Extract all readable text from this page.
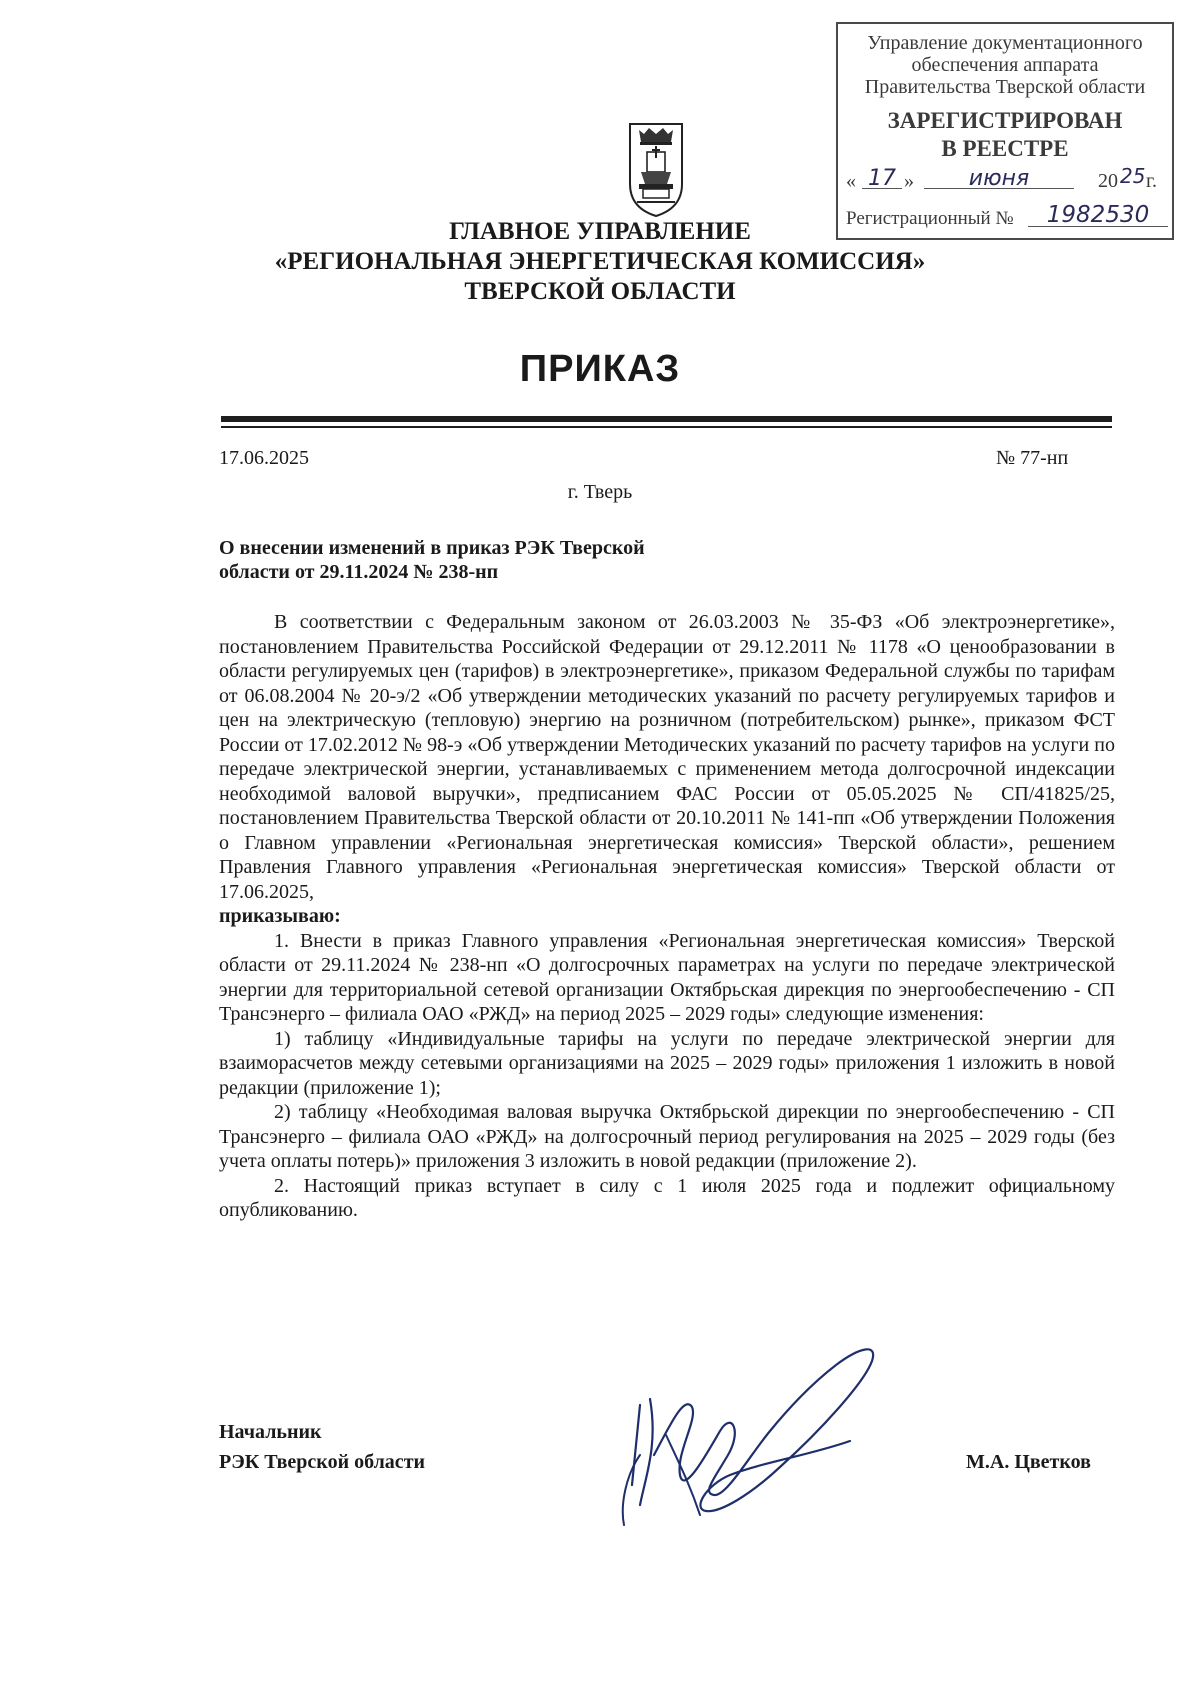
Управление документационного
обеспечения аппарата
Правительства Тверской области
ЗАРЕГИСТРИРОВАН
В РЕЕСТРЕ
« 17 »	июня	20 25 г.
Регистрационный №	1982530
ГЛАВНОЕ УПРАВЛЕНИЕ
«РЕГИОНАЛЬНАЯ ЭНЕРГЕТИЧЕСКАЯ КОМИССИЯ»
ТВЕРСКОЙ ОБЛАСТИ
ПРИКАЗ
17.06.2025	№ 77-нп
г. Тверь
О внесении изменений в приказ РЭК Тверской
области от 29.11.2024 № 238-нп

В соответствии с Федеральным законом от 26.03.2003 № 35-ФЗ «Об электроэнергетике», постановлением Правительства Российской Федерации от 29.12.2011 № 1178 «О ценообразовании в области регулируемых цен (тарифов) в электроэнергетике», приказом Федеральной службы по тарифам от 06.08.2004 № 20-э/2 «Об утверждении методических указаний по расчету регулируемых тарифов и цен на электрическую (тепловую) энергию на розничном (потребительском) рынке», приказом ФСТ России от 17.02.2012 № 98-э «Об утверждении Методических указаний по расчету тарифов на услуги по передаче электрической энергии, устанавливаемых с применением метода долгосрочной индексации необходимой валовой выручки», предписанием ФАС России от 05.05.2025 № СП/41825/25, постановлением Правительства Тверской области от 20.10.2011 № 141-пп «Об утверждении Положения о Главном управлении «Региональная энергетическая комиссия» Тверской области», решением Правления Главного управления «Региональная энергетическая комиссия» Тверской области от 17.06.2025,

приказываю:

1. Внести в приказ Главного управления «Региональная энергетическая комиссия» Тверской области от 29.11.2024 № 238-нп «О долгосрочных параметрах на услуги по передаче электрической энергии для территориальной сетевой организации Октябрьская дирекция по энергообеспечению - СП Трансэнерго – филиала ОАО «РЖД» на период 2025 – 2029 годы» следующие изменения:

1) таблицу «Индивидуальные тарифы на услуги по передаче электрической энергии для взаиморасчетов между сетевыми организациями на 2025 – 2029 годы» приложения 1 изложить в новой редакции (приложение 1);

2) таблицу «Необходимая валовая выручка Октябрьской дирекции по энергообеспечению - СП Трансэнерго – филиала ОАО «РЖД» на долгосрочный период регулирования на 2025 – 2029 годы (без учета оплаты потерь)» приложения 3 изложить в новой редакции (приложение 2).

2. Настоящий приказ вступает в силу с 1 июля 2025 года и подлежит официальному опубликованию.

Начальник
РЭК Тверской области	М.А. Цветков
